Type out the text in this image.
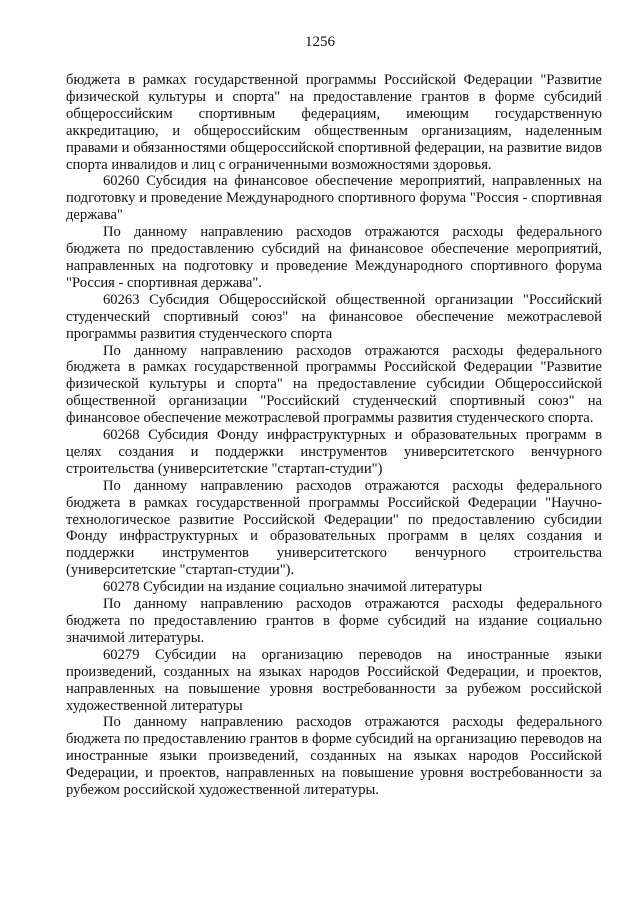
1256

бюджета в рамках государственной программы Российской Федерации "Развитие физической культуры и спорта" на предоставление грантов в форме субсидий общероссийским спортивным федерациям, имеющим государственную аккредитацию, и общероссийским общественным организациям, наделенным правами и обязанностями общероссийской спортивной федерации, на развитие видов спорта инвалидов и лиц с ограниченными возможностями здоровья.

60260 Субсидия на финансовое обеспечение мероприятий, направленных на подготовку и проведение Международного спортивного форума "Россия - спортивная держава"

По данному направлению расходов отражаются расходы федерального бюджета по предоставлению субсидий на финансовое обеспечение мероприятий, направленных на подготовку и проведение Международного спортивного форума "Россия - спортивная держава".

60263 Субсидия Общероссийской общественной организации "Российский студенческий спортивный союз" на финансовое обеспечение межотраслевой программы развития студенческого спорта

По данному направлению расходов отражаются расходы федерального бюджета в рамках государственной программы Российской Федерации "Развитие физической культуры и спорта" на предоставление субсидии Общероссийской общественной организации "Российский студенческий спортивный союз" на финансовое обеспечение межотраслевой программы развития студенческого спорта.

60268 Субсидия Фонду инфраструктурных и образовательных программ в целях создания и поддержки инструментов университетского венчурного строительства (университетские "стартап-студии")

По данному направлению расходов отражаются расходы федерального бюджета в рамках государственной программы Российской Федерации "Научно-технологическое развитие Российской Федерации" по предоставлению субсидии Фонду инфраструктурных и образовательных программ в целях создания и поддержки инструментов университетского венчурного строительства (университетские "стартап-студии").

60278 Субсидии на издание социально значимой литературы

По данному направлению расходов отражаются расходы федерального бюджета по предоставлению грантов в форме субсидий на издание социально значимой литературы.

60279 Субсидии на организацию переводов на иностранные языки произведений, созданных на языках народов Российской Федерации, и проектов, направленных на повышение уровня востребованности за рубежом российской художественной литературы

По данному направлению расходов отражаются расходы федерального бюджета по предоставлению грантов в форме субсидий на организацию переводов на иностранные языки произведений, созданных на языках народов Российской Федерации, и проектов, направленных на повышение уровня востребованности за рубежом российской художественной литературы.
